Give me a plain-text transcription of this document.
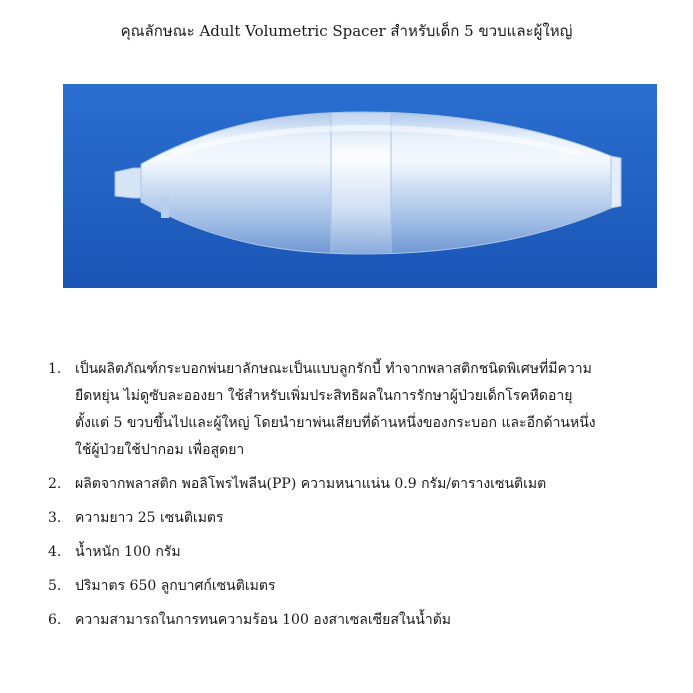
คุณลักษณะ Adult Volumetric Spacer สำหรับเด็ก 5 ขวบและผู้ใหญ่
1. เป็นผลิตภัณฑ์กระบอกพ่นยาลักษณะเป็นแบบลูกรักบี้ ทำจากพลาสติกชนิดพิเศษที่มีความ
ยืดหยุ่น ไม่ดูซับละอองยา ใช้สำหรับเพิ่มประสิทธิผลในการรักษาผู้ป่วยเด็กโรคหืดอายุ
ตั้งแต่ 5 ขวบขึ้นไปและผู้ใหญ่ โดยนำยาพ่นเสียบที่ด้านหนึ่งของกระบอก และอีกด้านหนึ่ง
ใช้ผู้ป่วยใช้ปากอม เพื่อสูดยา
2. ผลิตจากพลาสติก พอลิโพรไพลีน(PP) ความหนาแน่น 0.9 กรัม/ตารางเซนติเมต
3. ความยาว 25 เซนติเมตร
4. น้ำหนัก 100 กรัม
5. ปริมาตร 650 ลูกบาศก์เซนติเมตร
6. ความสามารถในการทนความร้อน 100 องสาเซลเซียสในน้ำต้ม
